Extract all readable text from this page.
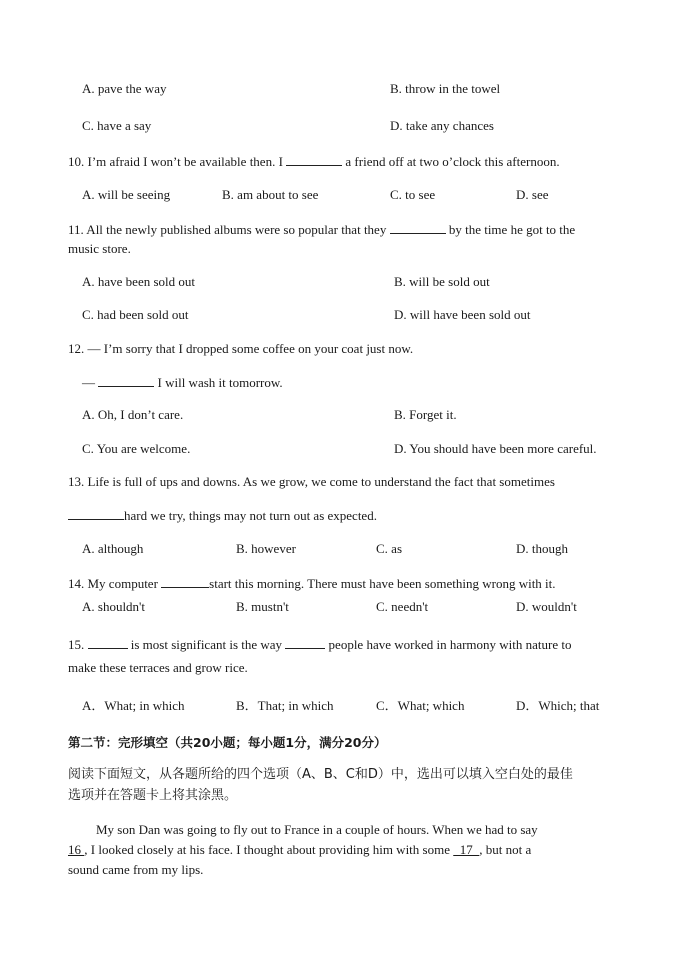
A. pave the way	B. throw in the towel
C. have a say	D. take any chances
10. I’m afraid I won’t be available then. I	a friend off at two o’clock this afternoon.
A. will be seeing	B. am about to see	C. to see	D. see
11. All the newly published albums were so popular that they	by the time he got to the
music store.
A. have been sold out	B. will be sold out
C. had been sold out	D. will have been sold out
12. — I’m sorry that I dropped some coffee on your coat just now.
—	I will wash it tomorrow.
A. Oh, I don’t care.	B. Forget it.
C. You are welcome.	D. You should have been more careful.
13. Life is full of ups and downs. As we grow, we come to understand the fact that sometimes
hard we try, things may not turn out as expected.
A. although	B. however	C. as	D. though
14. My computer	start this morning. There must have been something wrong with it.
A. shouldn't	B. mustn't	C. needn't	D. wouldn't
15.	is most significant is the way	people have worked in harmony with nature to
make these terraces and grow rice.
A．What; in which	B．That; in which	C．What; which	D．Which; that
第二节：完形填空（共20小题；每小题1分，满分20分）
阅读下面短文，从各题所给的四个选项（A、B、C和D）中，选出可以填入空白处的最佳
选项并在答题卡上将其涂黑。
My son Dan was going to fly out to France in a couple of hours. When we had to say
16 , I looked closely at his face. I thought about providing him with some   17  , but not a
sound came from my lips.
